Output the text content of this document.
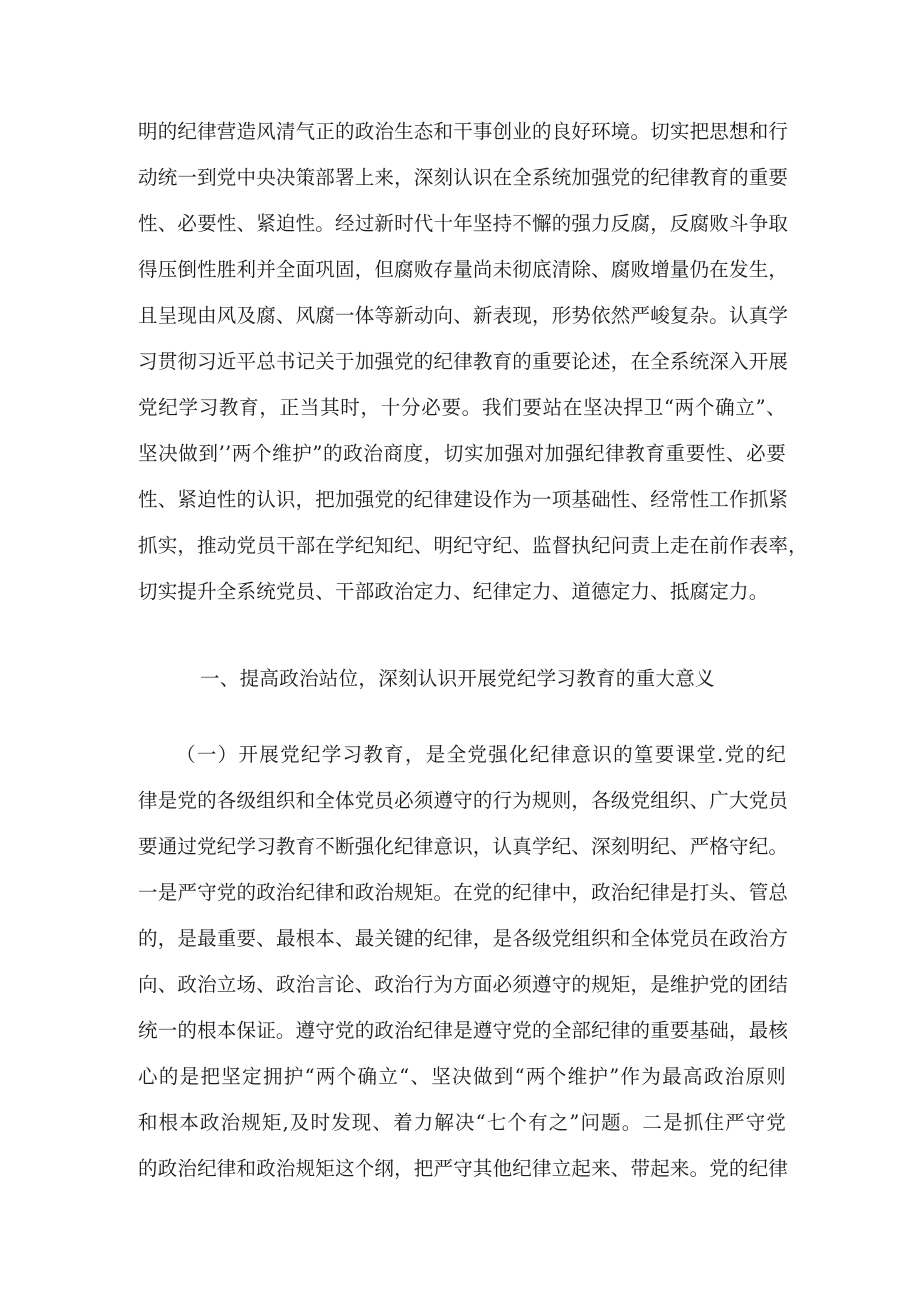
明的纪律营造风清气正的政治生态和干事创业的良好环境。切实把思想和行
动统一到党中央决策部署上来，深刻认识在全系统加强党的纪律教育的重要
性、必要性、紧迫性。经过新时代十年坚持不懈的强力反腐，反腐败斗争取
得压倒性胜利并全面巩固，但腐败存量尚未彻底清除、腐败增量仍在发生，
且呈现由风及腐、风腐一体等新动向、新表现，形势依然严峻复杂。认真学
习贯彻习近平总书记关于加强党的纪律教育的重要论述，在全系统深入开展
党纪学习教育，正当其时，十分必要。我们要站在坚决捍卫“两个确立”、
坚决做到’’两个维护”的政治商度，切实加强对加强纪律教育重要性、必要
性、紧迫性的认识，把加强党的纪律建设作为一项基础性、经常性工作抓紧
抓实，推动党员干部在学纪知纪、明纪守纪、监督执纪问责上走在前作表率，
切实提升全系统党员、干部政治定力、纪律定力、道德定力、抵腐定力。
一、提高政治站位，深刻认识开展党纪学习教育的重大意义
（一）开展党纪学习教育，是全党强化纪律意识的篁要课堂.党的纪
律是党的各级组织和全体党员必须遵守的行为规则，各级党组织、广大党员
要通过党纪学习教育不断强化纪律意识，认真学纪、深刻明纪、严格守纪。
一是严守党的政治纪律和政治规矩。在党的纪律中，政治纪律是打头、管总
的，是最重要、最根本、最关键的纪律，是各级党组织和全体党员在政治方
向、政治立场、政治言论、政治行为方面必须遵守的规矩，是维护党的团结
统一的根本保证。遵守党的政治纪律是遵守党的全部纪律的重要基础，最核
心的是把坚定拥护“两个确立“、坚决做到“两个维护”作为最高政治原则
和根本政治规矩,及时发现、着力解决“七个有之”问题。二是抓住严守党
的政治纪律和政治规矩这个纲，把严守其他纪律立起来、带起来。党的纪律
